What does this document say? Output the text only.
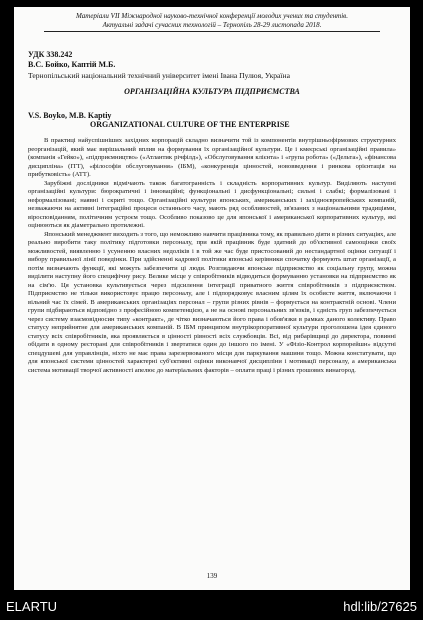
Матеріали VII Міжнародної науково-технічної конференції молодих учених та студентів.
Актуальні задачі сучасних технологій – Тернопіль 28-29 листопада 2018.
УДК 338.242
В.С. Бойко, Каптій М.Б.
Тернопільський національний технічний університет імені Івана Пулюя, Україна
ОРГАНІЗАЦІЙНА КУЛЬТУРА ПІДПРИЄМСТВА
V.S. Boyko, M.B. Kaptiy
ORGANIZATIONAL CULTURE OF THE ENTERPRISE

В практиці найуспішніших західних корпорацій складно визначити той із компонентів внутрішньофірмових структурних реорганізацій, який має вирішальний вплив на формування їх організаційної культури. Це і кмеєрські організаційні правила» (компанія «Гейко»), «підприємництво» («Атлантик річфілд»), «Обслуговування клієнта» і «група робота» («Дельта»), «фінансова дисципліна» (ІТТ), «філософія обслуговування» (ІБМ), «конкуренція цінностей, нововведення і ринкова орієнтація на прибутковість» (АТТ).

Зарубіжні дослідники відмічають також багатогранність і складність корпоративних культур. Виділяють наступні організаційні культури: бюрократичні і інноваційні; функціональні і дисфункціональні; сильні і слабкі; формалізовані і неформалізовані; наявні і скриті тощо. Організаційні культури японських, американських і західноєвропейських компаній, незважаючи на активні інтеграційні процеси останнього часу, мають ряд особливостей, зв'язаних з національними традиціями, віросповіданням, політичним устроєм тощо. Особливо показово це для японської і американської корпоративних культур, які оцінюються як діаметрально протилежні.

Японський менеджмент виходить з того, що неможливо навчити працівника тому, як правильно діяти в різних ситуаціях, але реально виробити таку політику підготовки персоналу, при якій працівник буде здатний до об'єктивної самооцінки своїх можливостей, виявленню і усуненню власних недоліків і в той же час буде пристосований до нестандартної оцінки ситуації і вибору правильної лінії поведінки. При здійсненні кадрової політики японські керівники спочатку формують штат організації, а потім визначають функції, які можуть забезпечити ці люди. Розглядаючи японське підприємство як соціальну групу, можна виділити наступну його специфічну рису. Велике місце у співробітників відводиться формуванню установки на підприємство як на сім'ю. Ця установка культивується через підсилення інтеграції приватного життя співробітників з підприємством. Підприємство не тільки використовує працю персоналу, але і підпорядковує власним цілям їх особисте життя, включаючи і вільний час їх сімей. В американських організаціях персонал – групи різних рівнів – формується на контрактній основі. Члени групи підбираються відповідно з професійною компетенцією, а не на основі персональних зв'язків, і єдність груп забезпечується через систему взаємовідносин типу «контракт», де чітко визначаються його права і обов'язки в рамках даного колективу. Право статусу неприйнятне для американських компаній. В ІБМ принципом внутрікорпоративної культури проголошена ідея єдиного статусу всіх співробітників, яка проявляється в цінності рівності всіх службовців. Всі, від рибарівщиці до директора, повинні обідати в одному ресторані для співробітників і звертатися один до іншого по імені. У «Фізіо-Контрол корпорейшн» відсутні спецдушеві для управлінців, ніхто не має права зарезервованого місця для паркування машини тощо. Можна констатувати, що для японської системи цінностей характерні суб'єктивні оцінки виконавчої дисципліни і мотивації персоналу, а американська система мотивації творчої активності апелює до матеріальних факторів – оплати праці і різних грошових винагород.

139
ELARTU	hdl:lib/27625
